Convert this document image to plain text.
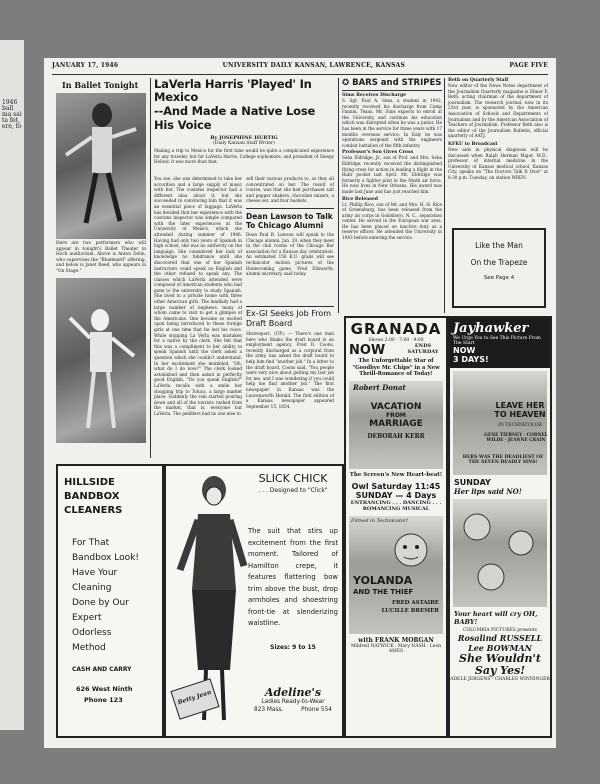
1946 ball ma sai ta fet, ere, fo
JANUARY 17, 1946	UNIVERSITY DAILY KANSAN, LAWRENCE, KANSAS	PAGE FIVE
In Ballet Tonight
Here are two performers who will appear in tonight's Ballet Theater in Hoch auditorium. Above is Anton Dolin, who supervises the "Bluebeard" offering, and below is Janet Reed, who appears in "On Stage."
LaVerla Harris 'Played' In Mexico
--And Made a Native Lose His Voice
By JOSEPHINE HURTIG
(Daily Kansan Staff Writer)
Making a trip to Mexico for the first time would be quite a complicated experience for any traveler, but for LaVerla Harris, College sophomore, and president of Sleepy Hollow, it was more than that.
You see, she was determined to take her accordion and a large supply of music with her. The customs inspector had a different idea about it, but she succeeded in convincing him that it was an essential piece of luggage. LaVerla has decided that her experience with the customs inspector was simple compared with the later experiences at the University of Mexico, which she attended during summer of 1946. Having had only two years of Spanish in high school, she was no authority on the language. She considered her lack of knowledge no hindrance until she discovered that one of her Spanish instructors could speak no English and the other refused to speak any. The classes which LaVerla attended were composed of American students who had gone to the university to study Spanish. She lived in a private home with three other American girls. The landlady had a large number of nephews, many of whom came to visit to get a glimpse of the Americans. One became so excited upon being introduced to these foreign girls at one time that he lost his voice. While stopping La Verla was mistaken for a native by the clerk. She felt that this was a compliment to her ability to speak Spanish until the clerk asked a question which she couldn't understand. In her excitement she mumbled, "Oh, what do I do now?" The clerk looked astonished and then asked in perfectly good English, "Do you speak English?" LaVerla recalls with a smile her shopping trip to Toluca, a large market place. Suddenly the rain started pouring down and all of the tourists rushed from the market, that is, everyone but LaVerla. The peddlers had no one else to
sell their various products to, so they all concentrated on her. The result of course, was that she had purchased salt and pepper shakers, chocolate mixers, a cheese set, and four baskets.
Dean Lawson to Talk To Chicago Alumni
Dean Paul B. Lawson will speak to the Chicago alumni, Jan. 29, when they meet in the club rooms of the Chicago Bar association for a Kansas day celebration. An estimated 150 K.U. grads will see technicolor motion pictures of the Homecoming game, Fred Ellsworth, alumni secretary, said today.
Ex-GI Seeks Job From Draft Board
Shreveport, (UP). — There's one man here who thinks the draft board is an employment agency. Fred D. Coons, recently discharged as a corporal from the army, has asked the draft board to help him find "another job." In a letter to the draft board, Coons said, "You people were very nice about getting my last job for me, and I was wondering if you could help me find another job." The first newspaper in Kansas was the Leavenworth Herald. The first edition of a Kansas newspaper appeared September 15, 1854.
✪ BARS and STRIPES
Sims Receives Discharge
S. Sgt. Paul A. Sims, a student in 1942, recently received his discharge from Camp Fannin, Texas. Mr. Sims expects to enroll at the University and continue his education which was disrupted when he was a junior. He has been in the service for three years with 17 months overseas service. In Italy he was operations sergeant with the engineers combat battalion of the fifth infantry.
Professor's Son Gives Cross
Seba Eldridge, Jr., son of Prof. and Mrs. Seba Eldridge, recently received the distinguished flying cross for action in leading a flight in the Ruhr pocket last April. Mr. Eldridge was formerly a fighter pilot in the Ninth air force. He now lives in New Orleans. His award was made last June and has just reached him.
Rice Released
Lt. Phillip Rice, son of Mr. and Mrs. H. H. Rice of Greensburg, has been released from the army air corps in Goldsboro, N. C., separation center. He served in the European war area. He has been placed on inactive duty as a reserve officer. He attended the University in 1943 before entering the service.
Beth on Quarterly Staff
New editor of the News Notes department of the Journalism Quarterly magazine is Elmer F. Beth, acting chairman of the department of journalism. The research journal, now in its 23rd year, is sponsored by the American Association of Schools and Departments of Journalism and by the American Association of Teachers of Journalism. Professor Beth also is the editor of the Journalism Bulletin, official quarterly of AATJ.
KFKU to Broadcast
New aids in physical diagnosis will be discussed when Ralph Herman Major, M.D., professor of internal medicine in the University of Kansas medical school, Kansas City, speaks on "The Doctors Talk It Over" at 8:30 p.m. Tuesday, on station WREN.
Like the Man
On the Trapeze
See Page 4
GRANADA
Shows 2:00 · 7:00 · 9:00
NOW	ENDS SATURDAY
The Unforgettable Star of "Goodbye Mr. Chips" in a New Thrill-Romance of Today!
Robert Donat
VACATION
FROM
MARRIAGE
DEBORAH KERR
The Screen's New Heart-beat!
Owl Saturday 11:45
SUNDAY — 4 Days
ENTRANCING . . . DANCING . . . ROMANCING MUSICAL
Filmed in Technicolor!
YOLANDA
AND THE THIEF
FRED ASTAIRE
LUCILLE BREMER
with FRANK MORGAN
Mildred NATWICK · Mary NASH · Leon AMES
Jayhawker
We Urge You to See This Picture From The Start
NOW
3 DAYS!
LEAVE HER TO HEAVEN
IN TECHNICOLOR
GENE TIERNEY · CORNEL WILDE · JEANNE CRAIN
HERS WAS THE DEADLIEST OF THE SEVEN DEADLY SINS!
SUNDAY
Her lips said NO!
Your heart will cry OH, BABY!
COLUMBIA PICTURES presents
Rosalind RUSSELL
Lee BOWMAN
She Wouldn't Say Yes!
ADELE JERGENS · CHARLES WINNINGER
HILLSIDE
BANDBOX
CLEANERS
For That
Bandbox Look!
Have Your
Cleaning
Done by Our
Expert
Odorless
Method
CASH AND CARRY
626 West Ninth
Phone 123	Betty Jean
SLICK CHICK
. . . Designed to "Click"
The suit that stirs up excitement from the first moment. Tailored of Hamilton crepe, it features flattering bow trim above the bust, drop armholes and shoestring front-tie at slenderizing waistline.
Sizes: 9 to 15
Adeline's
Ladies Ready-to-Wear
823 Mass.	Phone 554
